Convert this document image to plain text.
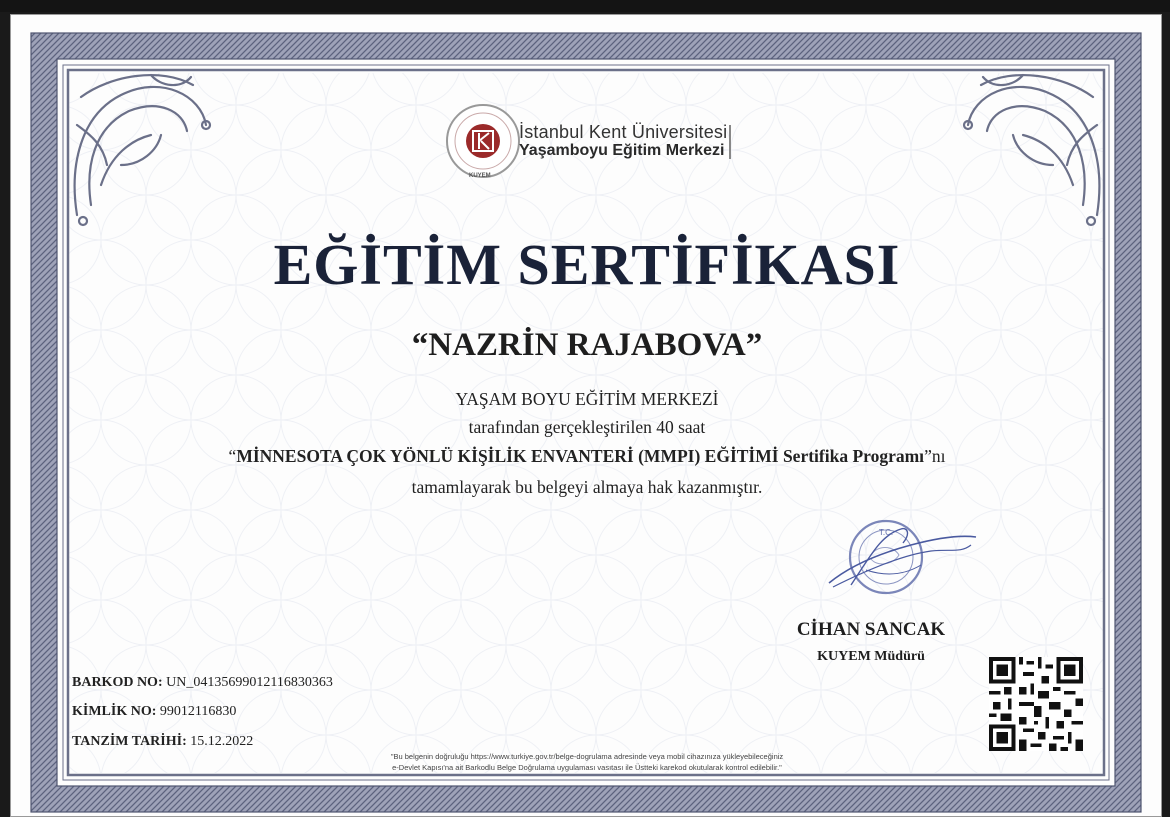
KUYEM
İstanbul Kent Üniversitesi
Yaşamboyu Eğitim Merkezi
EĞİTİM SERTİFİKASI
“NAZRİN RAJABOVA”
YAŞAM BOYU EĞİTİM MERKEZİ
tarafından gerçekleştirilen 40 saat
“MİNNESOTA ÇOK YÖNLÜ KİŞİLİK ENVANTERİ (MMPI) EĞİTİMİ Sertifika Programı”nı
tamamlayarak bu belgeyi almaya hak kazanmıştır.
T.C.
CİHAN SANCAK
KUYEM Müdürü
BARKOD NO: UN_04135699012116830363
KİMLİK NO: 99012116830
TANZİM TARİHİ: 15.12.2022
"Bu belgenin doğruluğu https://www.turkiye.gov.tr/belge-dogrulama adresinde veya mobil cihazınıza yükleyebileceğiniz
e-Devlet Kapısı'na ait Barkodlu Belge Doğrulama uygulaması vasıtası ile Üstteki karekod okutularak kontrol edilebilir."
